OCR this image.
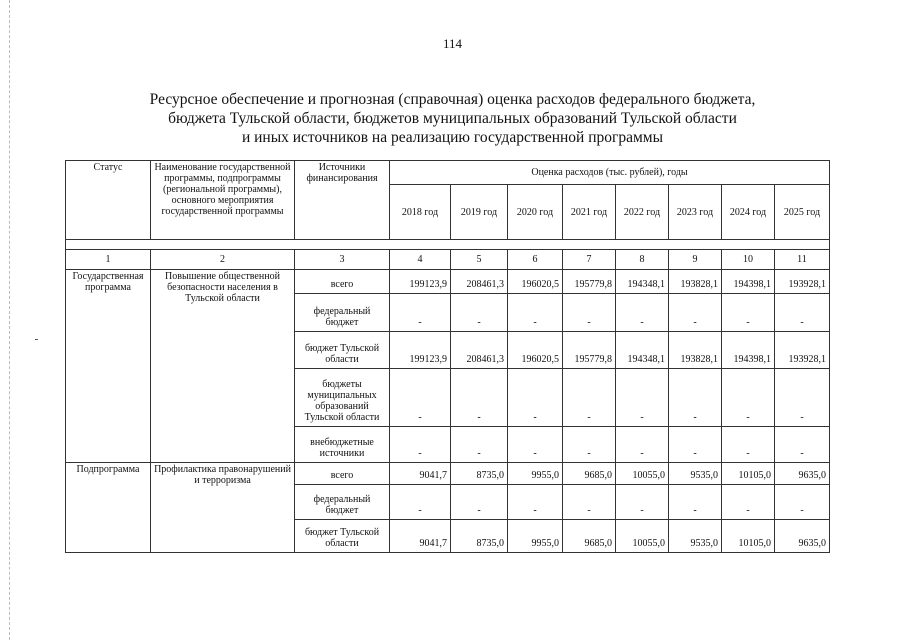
114
Ресурсное обеспечение и прогнозная (справочная) оценка расходов федерального бюджета,
бюджета Тульской области, бюджетов муниципальных образований Тульской области
и иных источников на реализацию государственной программы
Статус	Наименование государственной программы, подпрограммы (региональной программы), основного мероприятия государственной программы	Источники финансирования	Оценка расходов (тыс. рублей), годы							
			2018 год	2019 год	2020 год	2021 год	2022 год	2023 год	2024 год	2025 год

1	2	3	4	5	6	7	8	9	10	11
Государственная программа	Повышение общественной безопасности населения в Тульской области	всего	199123,9	208461,3	196020,5	195779,8	194348,1	193828,1	194398,1	193928,1
		федеральный бюджет	-	-	-	-	-	-	-	-
		бюджет Тульской области	199123,9	208461,3	196020,5	195779,8	194348,1	193828,1	194398,1	193928,1
		бюджеты муниципальных образований Тульской области	-	-	-	-	-	-	-	-
		внебюджетные источники	-	-	-	-	-	-	-	-
Подпрограмма	Профилактика правонарушений и терроризма	всего	9041,7	8735,0	9955,0	9685,0	10055,0	9535,0	10105,0	9635,0
		федеральный бюджет	-	-	-	-	-	-	-	-
		бюджет Тульской области	9041,7	8735,0	9955,0	9685,0	10055,0	9535,0	10105,0	9635,0
